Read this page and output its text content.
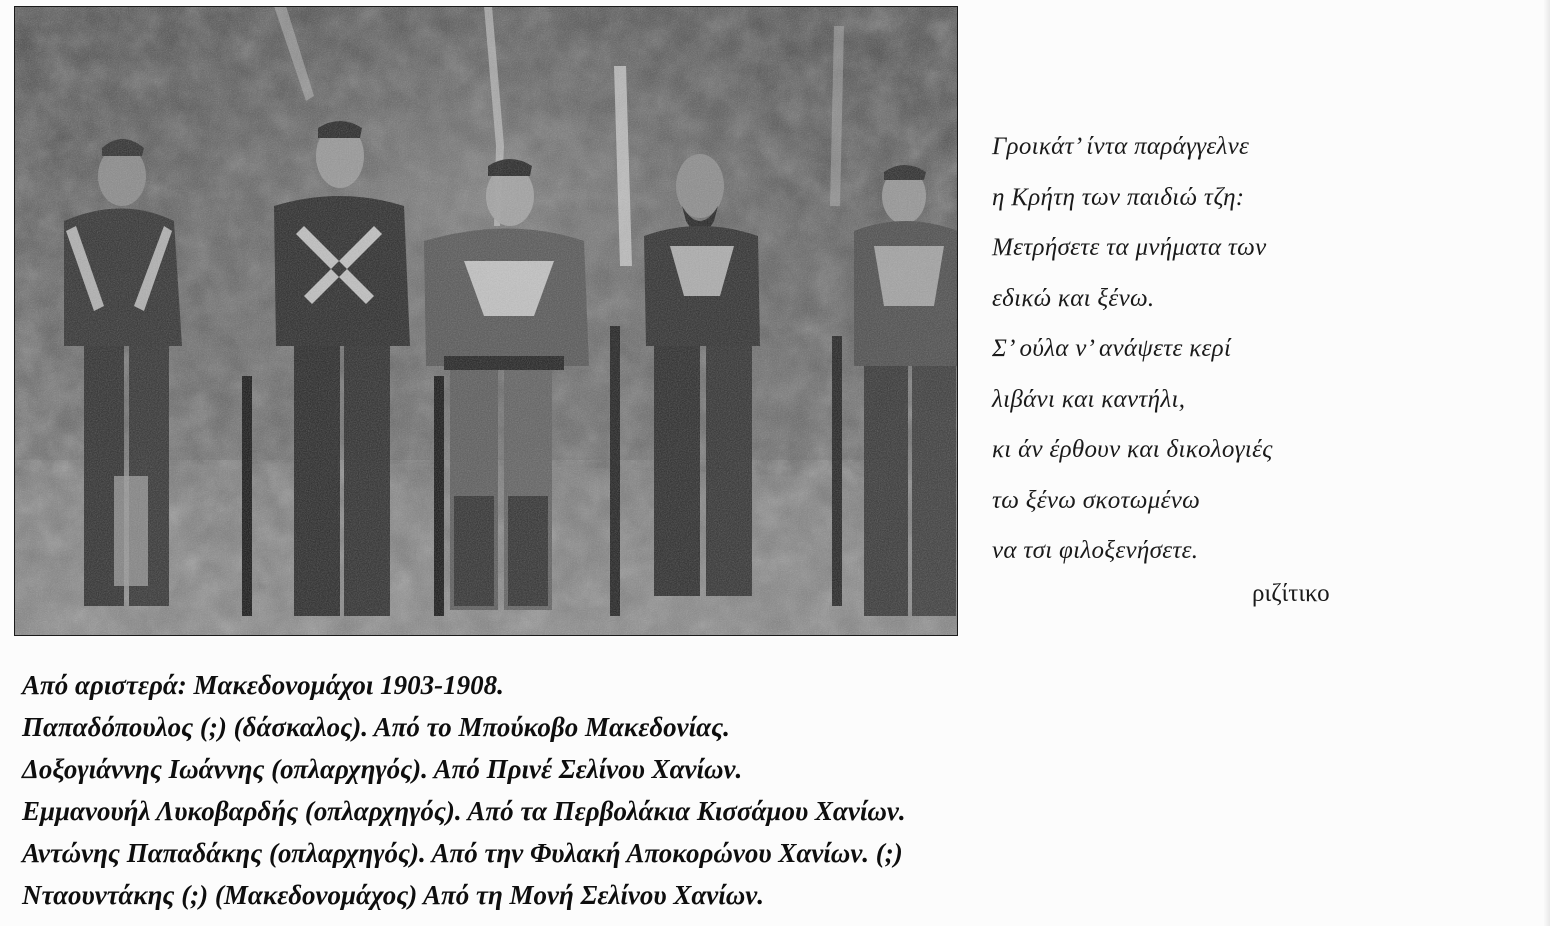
Γροικάτ’ ίντα παράγγελνε
η Κρήτη των παιδιώ τζη:
Μετρήσετε τα μνήματα των
εδικώ και ξένω.
Σ’ ούλα ν’ ανάψετε κερί
λιβάνι και καντήλι,
κι άν έρθουν και δικολογιές
τω ξένω σκοτωμένω
να τσι φιλοξενήσετε.
ριζίτικο
Από αριστερά: Μακεδονομάχοι 1903-1908.
Παπαδόπουλος (;) (δάσκαλος). Από το Μπούκοβο Μακεδονίας.
Δοξογιάννης Ιωάννης (οπλαρχηγός). Από Πρινέ Σελίνου Χανίων.
Εμμανουήλ Λυκοβαρδής (οπλαρχηγός). Από τα Περβολάκια Κισσάμου Χανίων.
Αντώνης Παπαδάκης (οπλαρχηγός). Από την Φυλακή Αποκορώνου Χανίων. (;)
Νταουντάκης (;) (Μακεδονομάχος) Από τη Μονή Σελίνου Χανίων.
